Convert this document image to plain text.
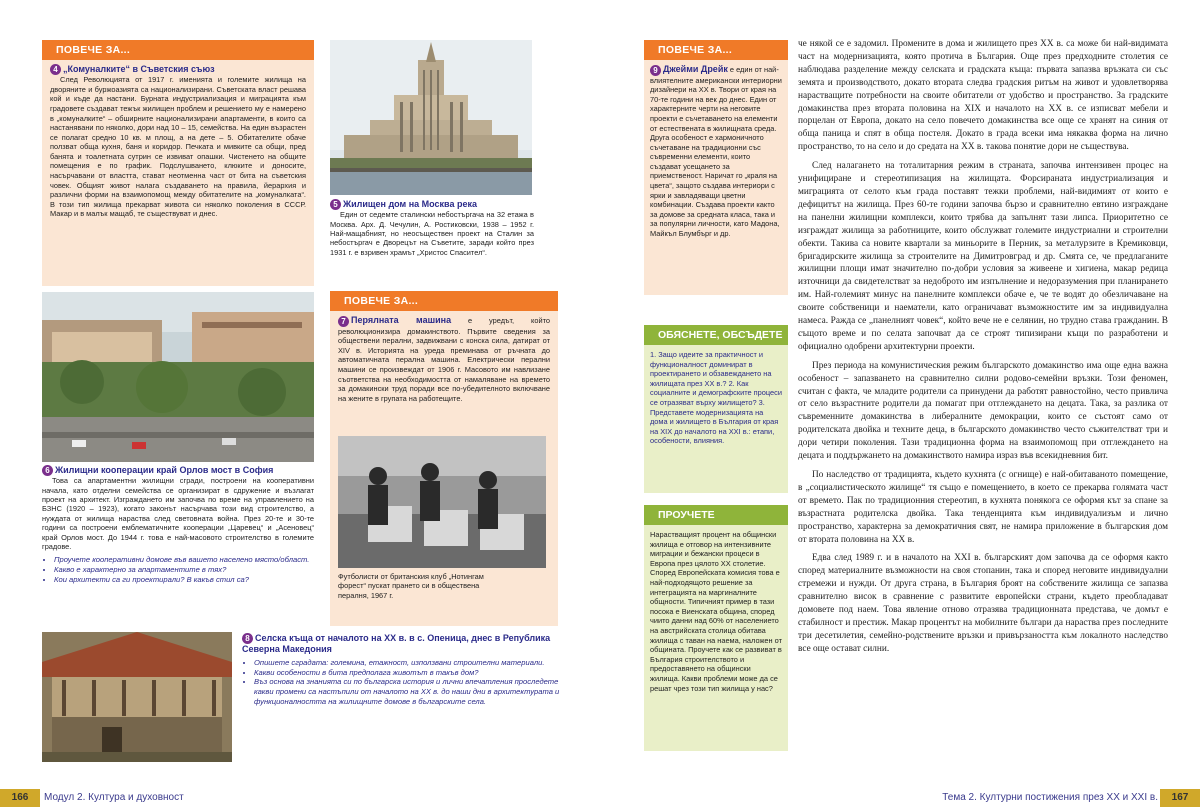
ПОВЕЧЕ ЗА...
4 „Комуналките“ в Съветския съюз

След Революцията от 1917 г. имениятa и големите жилища на дворяните и буржоазията са национализирани. Съветската власт решава кой и къде да настани. Бурната индустриализация и миграцията към градовете създават тежък жилищен проблем и решението му е намерено в „комуналките“ – обширните национализирани апартаменти, в които са настанявани по няколко, дори над 10 – 15, семейства. На един възрастен се полагат средно 10 кв. м площ, а на дете – 5. Обитателите обаче ползват обща кухня, баня и коридор. Печката и мивките са общи, пред банята и тоалетната сутрин се извиват опашки. Чистенето на общите помещения е по график. Подслушването, клюките и доносите, насърчавани от властта, стават неотменна част от бита на съветския човек. Общият живот налага създаването на правила, йерархия и различни форми на взаимопомощ между обитателите на „комуналката“. В този тип жилища прекарват живота си няколко поколения в СССР. Макар и в малък мащаб, те съществуват и днес.

5 Жилищен дом на Москва река
Един от седемте сталински небостъргача на 32 етажа в Москва. Арх. Д. Чечулин, А. Ростиковски, 1938 – 1952 г. Най-мащабният, но неосъществен проект на Сталин за небостъргач е Дворецът на Съветите, заради който през 1931 г. е взривен храмът „Христос Спасител“.
6 Жилищни кооперации край Орлов мост в София
Това са апартаментни жилищни сгради, построени на кооперативни начала, като отделни семейства се организират в сдружение и възлагат проект на архитект. Изграждането им започва по време на управлението на БЗНС (1920 – 1923), когато законът насърчава този вид строителство, а нуждата от жилища нараства след световната война. През 20-те и 30-те години са построени емблематичните кооперации „Царевец“ и „Асеновец“ край Орлов мост. До 1944 г. това е най-масовото строителство в големите градове.
• Проучете кооперативни домове във вашето населено място/област.
• Какво е характерно за апартаментите в тях?
• Кои архитекти са ги проектирали? В какъв стил са?
ПОВЕЧЕ ЗА...

7 Перялната машина е уредът, който революционизира домакинството. Първите сведения за обществени перални, задвижвани с конска сила, датират от XIV в. Историята на уреда преминава от ръчната до автоматичната перална машина. Електрически перални машини се произвеждат от 1906 г. Масовото им навлизане съответства на необходимостта от намаляване на времето за домакински труд поради все по-убедителното включване на жените в групата на работещите.

Футболисти от британския клуб „Нотингам форест“ пускат прането си в обществена пералня, 1967 г.
8 Селска къща от началото на ХХ в. в с. Опеница, днес в Република Северна Македония
• Опишете сградата: големина, етажност, използвани строителни материали.
• Какви особености в бита предполага животът в такъв дом?
• Въз основа на знанията си по българска история и лични впечатления проследете какви промени са настъпили от началото на ХХ в. до наши дни в архитектурата и функционалността на жилищните домове в българските села.
166	Модул 2. Култура и духовност
ПОВЕЧЕ ЗА...

9 Джейми Дрейк е един от най-влиятелните американски интериорни дизайнери на ХХ в. Твори от края на 70-те години на век до днес. Един от характерните черти на неговите проекти е съчетаването на елементи от естествената в жилищната среда. Друга особеност е хармоничното съчетаване на традиционни със съвременни елементи, които създават усещането за приемственост. Наричат го „краля на цвета“, защото създава интериори с ярки и завладяващи цветни комбинации. Създава проекти както за домове за средната класа, така и за популярни личности, като Мадона, Майкъл Блумбърг и др.

ОБЯСНЕТЕ, ОБСЪДЕТЕ

1. Защо идеите за практичност и функционалност доминират в проектирането и обзавеждането на жилищата през ХХ в.? 2. Как социалните и демографските процеси се отразяват върху жилището? 3. Представете модернизацията на дома и жилището в България от края на XIX до началото на XXI в.: етапи, особености, влияния.

ПРОУЧЕТЕ

Нарастващият процент на общински жилища е отговор на интензивните миграции и бежански процеси в Европа през цялото ХХ столетие. Според Европейската комисия това е най-подходящото решение за интеграцията на маргиналните общности. Типичният пример в тази посока е Виенската община, според чиито данни над 60% от населението на австрийската столица обитава жилища с таван на наема, наложен от общината. Проучете как се развиват в България строителството и предоставянето на общински жилища. Какви проблеми може да се решат чрез този тип жилища у нас?

че някой се е задомил. Промените в дома и жилището през ХХ в. са може би най-видимата част на модернизацията, която протича в България. Още през предходните столетия се наблюдава разделение между селската и градската къща: първата запазва връзката си със земята и производството, докато втората следва градския ритъм на живот и удовлетворява нарастващите потребности на своите обитатели от удобство и пространство. За градските домакинства през втората половина на XIX и началото на ХХ в. се изписват мебели и порцелан от Европа, докато на село повечето домакинства все още се хранят на синия от обща паница и спят в обща постеля. Докато в града всеки има някаква форма на лично пространство, то на село и до средата на ХХ в. такова понятие дори не съществува.

След налагането на тоталитарния режим в страната, започва интензивен процес на унифициране и стереотипизация на жилищата. Форсираната индустриализация и миграцията от селото към града поставят тежки проблеми, най-видимият от които е дефицитът на жилища. През 60-те години започва бързо и сравнително евтино изграждане на панелни жилищни комплекси, които трябва да запълнят тази липса. Приоритетно се изграждат жилища за работниците, които обслужват големите индустриални и строителни обекти. Такива са новите квартали за миньорите в Перник, за металурзите в Кремиковци, бригадирските жилища за строителите на Димитровград и др. Смята се, че предлаганите жилищни площи имат значително по-добри условия за живеене и хигиена, макар редица източници да свидетелстват за недоброто им изпълнение и недоразумения при планирането им. Най-големият минус на панелните комплекси обаче е, че те водят до обезличаване на своите собственици и наематели, като ограничават възможностите им за индивидуална намеса. Ражда се „панелният човек“, който вече не е селянин, но трудно става гражданин. В същото време и по селата започват да се строят типизирани къщи по разработени и официално одобрени архитектурни проекти.

През периода на комунистическия режим българското домакинство има още една важна особеност – запазването на сравнително силни родово-семейни връзки. Този феномен, считан с факта, че младите родители са принудени да работят равностойно, често привлича от село възрастните родители да помагат при отглеждането на децата. Така, за разлика от съвременните домакинства в либералните демокрации, които се състоят само от родителската двойка и техните деца, в българското домакинство често съжителстват три и дори четири поколения. Тази традиционна форма на взаимопомощ при отглеждането на децата и поддържането на домакинството намира израз във всекидневния бит.

По наследство от традицията, където кухнята (с огнище) е най-обитаваното помещение, в „социалистическото жилище“ тя също е помещението, в което се прекарва голямата част от времето. Пак по традиционния стереотип, в кухнята понякога се оформя кът за спане за възрастната родителска двойка. Така тенденцията към индивидуализъм и лично пространство, характерна за демократичния свят, не намира приложение в българския дом от втората половина на ХХ в.

Едва след 1989 г. и в началото на XXI в. българският дом започва да се оформя както според материалните възможности на своя стопанин, така и според неговите индивидуални стремежи и нужди. От друга страна, в България броят на собствените жилища се запазва сравнително висок в сравнение с развитите европейски страни, където преобладават домовете под наем. Това явление отново отразява традиционната представа, че домът е стабилност и престиж. Макар процентът на мобилните българи да нараства през последните три десетилетия, семейно-родствените връзки и привързаността към локалното наследство все още остават силни.

Тема 2. Културни постижения през ХХ и XXI в.	167
